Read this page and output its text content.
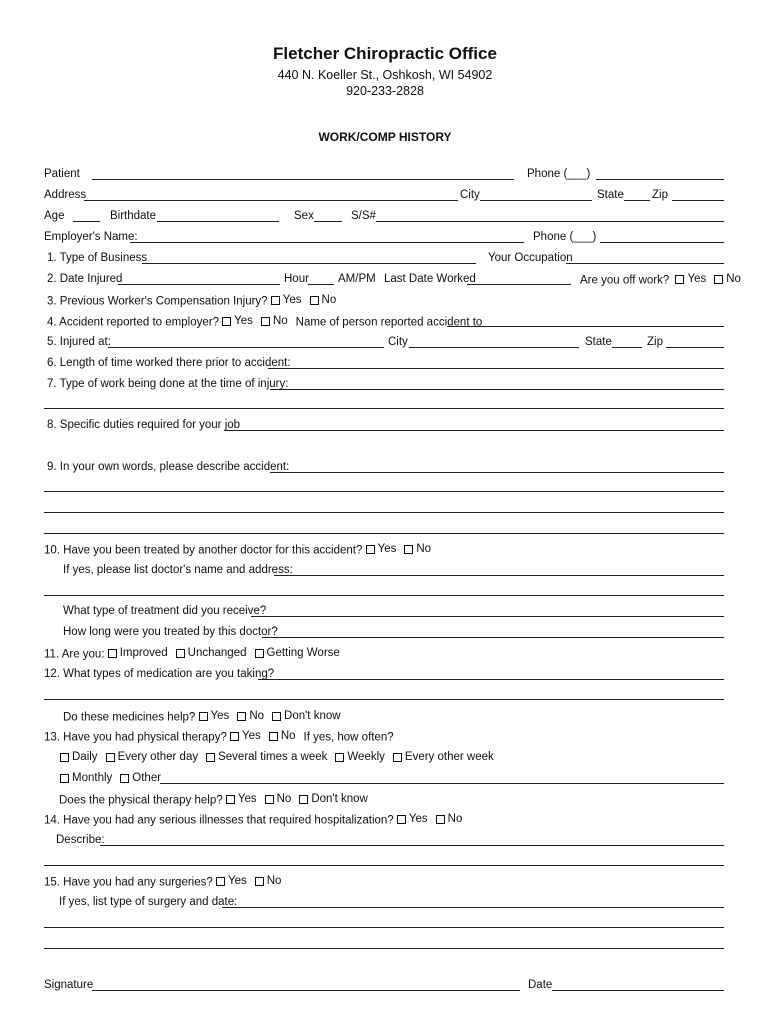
Fletcher Chiropractic Office
440 N. Koeller St., Oshkosh, WI 54902
920-233-2828
WORK/COMP HISTORY
Patient	Phone (___)
Address	City	State Zip
Age	Birthdate	Sex	S/S#
Employer's Name:	Phone (___)
1. Type of Business	Your Occupation
2. Date Injured	Hour	AM/PM Last Date Worked	Are you off work? Yes No
3. Previous Worker's Compensation Injury? Yes No
4. Accident reported to employer? Yes No Name of person reported accident to
5. Injured at:	City	State	Zip
6. Length of time worked there prior to accident:
7. Type of work being done at the time of injury:
8. Specific duties required for your job
9. In your own words, please describe accident:
10. Have you been treated by another doctor for this accident? Yes No
If yes, please list doctor's name and address:
What type of treatment did you receive?
How long were you treated by this doctor?
11. Are you: Improved Unchanged Getting Worse
12. What types of medication are you taking?
Do these medicines help? Yes No Don't know
13. Have you had physical therapy? Yes No If yes, how often?
Daily Every other day Several times a week Weekly Every other week
Monthly Other
Does the physical therapy help? Yes No Don't know
14. Have you had any serious illnesses that required hospitalization? Yes No
Describe:
15. Have you had any surgeries? Yes No
If yes, list type of surgery and date:
Signature	Date
